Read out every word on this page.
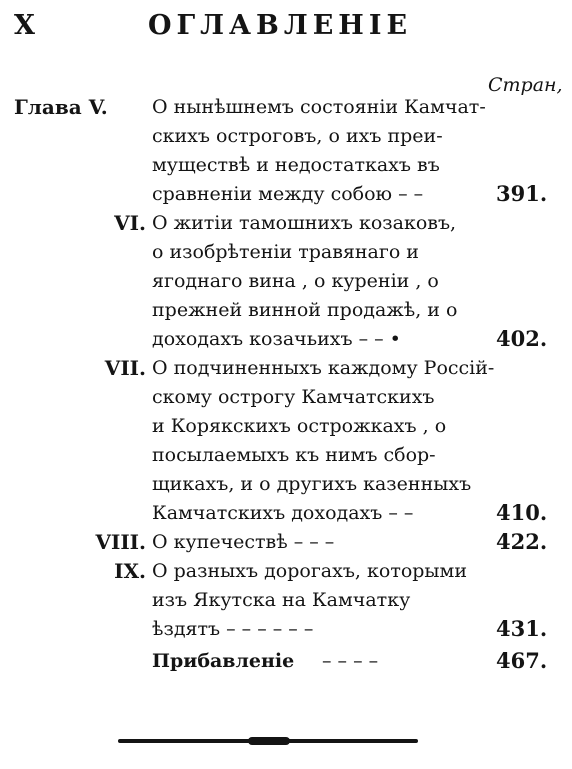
X	ОГЛАВЛЕНIЕ
Стран,
Глава V.	О нынѣшнемъ состоянiи Камчат-
скихъ остроговъ, о ихъ преи-
муществѣ и недостаткахъ въ
сравненiи между собою – –	391.
VI. О житiи тамошнихъ козаковъ,
о изобрѣтенiи травянаго и
ягоднаго вина , о куренiи , о
прежней винной продажѣ, и о
доходахъ козачьихъ – – •	402.
VII. О подчиненныхъ каждому Россiй-
скому острогу Камчатскихъ
и Корякскихъ острожкахъ , о
посылаемыхъ къ нимъ сбор-
щикахъ, и о другихъ казенныхъ
Камчатскихъ доходахъ – –	410.
VIII. О купечествѣ – – –	422.
IX. О разныхъ дорогахъ, которыми
изъ Якутска на Камчатку
ѣздятъ – – – – – –	431.
Прибавленiе – – – –	467.
